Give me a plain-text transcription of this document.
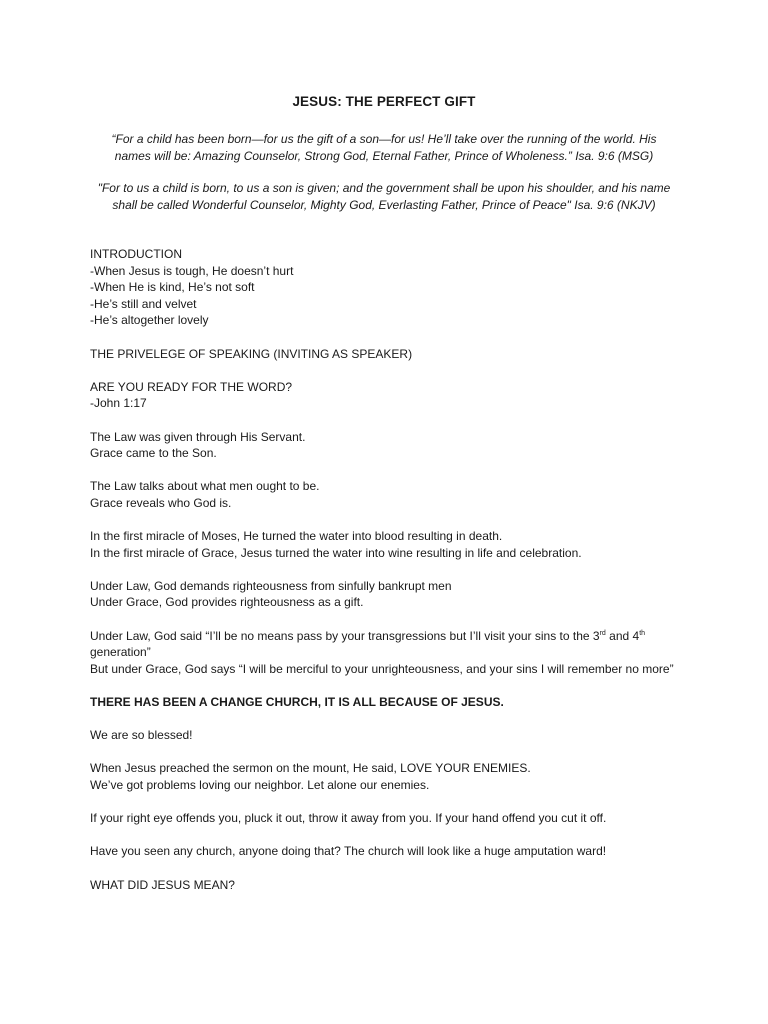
JESUS: THE PERFECT GIFT
“For a child has been born—for us the gift of a son—for us! He’ll take over the running of the world. His names will be: Amazing Counselor, Strong God, Eternal Father, Prince of Wholeness.” Isa. 9:6 (MSG)
"For to us a child is born, to us a son is given; and the government shall be upon his shoulder, and his name shall be called Wonderful Counselor, Mighty God, Everlasting Father, Prince of Peace" Isa. 9:6 (NKJV)

INTRODUCTION
-When Jesus is tough, He doesn’t hurt
-When He is kind, He’s not soft
-He’s still and velvet
-He’s altogether lovely

THE PRIVELEGE OF SPEAKING (INVITING AS SPEAKER)

ARE YOU READY FOR THE WORD?
-John 1:17

The Law was given through His Servant.
Grace came to the Son.

The Law talks about what men ought to be.
Grace reveals who God is.

In the first miracle of Moses, He turned the water into blood resulting in death.
In the first miracle of Grace, Jesus turned the water into wine resulting in life and celebration.

Under Law, God demands righteousness from sinfully bankrupt men
Under Grace, God provides righteousness as a gift.

Under Law, God said “I’ll be no means pass by your transgressions but I’ll visit your sins to the 3rd and 4th generation”
But under Grace, God says “I will be merciful to your unrighteousness, and your sins I will remember no more”

THERE HAS BEEN A CHANGE CHURCH, IT IS ALL BECAUSE OF JESUS.

We are so blessed!

When Jesus preached the sermon on the mount, He said, LOVE YOUR ENEMIES.
We’ve got problems loving our neighbor. Let alone our enemies.

If your right eye offends you, pluck it out, throw it away from you. If your hand offend you cut it off.

Have you seen any church, anyone doing that? The church will look like a huge amputation ward!

WHAT DID JESUS MEAN?
